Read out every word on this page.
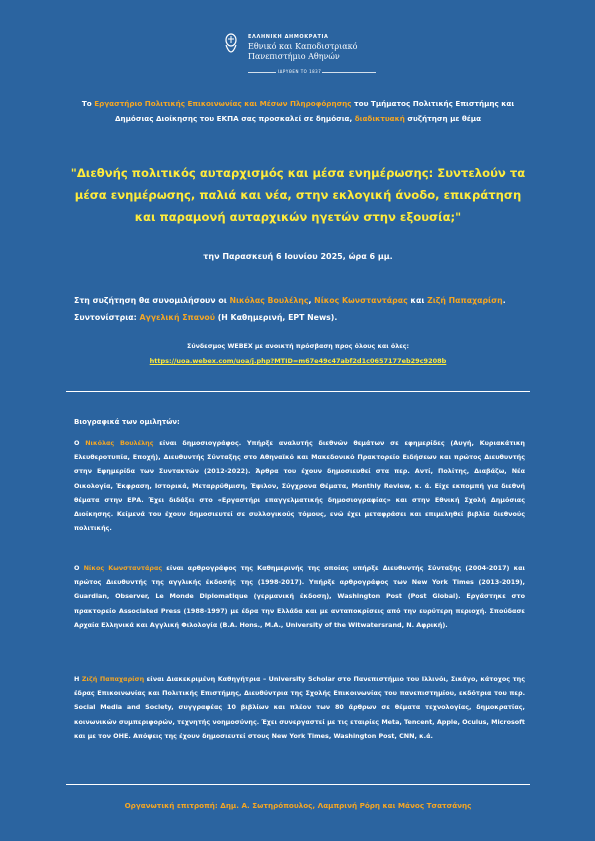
ΕΛΛΗΝΙΚΗ ΔΗΜΟΚΡΑΤΙΑ
Εθνικό και Καποδιστριακό
Πανεπιστήμιο Αθηνών
ΙΔΡΥΘΕΝ ΤΟ 1837
Το Εργαστήριο Πολιτικής Επικοινωνίας και Μέσων Πληροφόρησης του Τμήματος Πολιτικής Επιστήμης και Δημόσιας Διοίκησης του ΕΚΠΑ σας προσκαλεί σε δημόσια, διαδικτυακή συζήτηση με θέμα
"Διεθνής πολιτικός αυταρχισμός και μέσα ενημέρωσης: Συντελούν τα μέσα ενημέρωσης, παλιά και νέα, στην εκλογική άνοδο, επικράτηση και παραμονή αυταρχικών ηγετών στην εξουσία;"
την Παρασκευή 6 Ιουνίου 2025, ώρα 6 μμ.
Στη συζήτηση θα συνομιλήσουν οι Νικόλας Βουλέλης, Νίκος Κωνσταντάρας και Ζιζή Παπαχαρίση. Συντονίστρια: Αγγελική Σπανού (Η Καθημερινή, ΕΡΤ News).
Σύνδεσμος WEBEX με ανοικτή πρόσβαση προς όλους και όλες:
https://uoa.webex.com/uoa/j.php?MTID=m67e49c47abf2d1c0657177eb29c9208b
Βιογραφικά των ομιλητών:
Ο Νικόλας Βουλέλης είναι δημοσιογράφος. Υπήρξε αναλυτής διεθνών θεμάτων σε εφημερίδες (Αυγή, Κυριακάτικη Ελευθεροτυπία, Εποχή), Διευθυντής Σύνταξης στο Αθηναϊκό και Μακεδονικό Πρακτορείο Ειδήσεων και πρώτος Διευθυντής στην Εφημερίδα των Συντακτών (2012-2022). Άρθρα του έχουν δημοσιευθεί στα περ. Αντί, Πολίτης, Διαβάζω, Νέα Οικολογία, Έκφραση, Ιστορικά, Μεταρρύθμιση, Έψιλον, Σύγχρονα Θέματα, Monthly Review, κ. ά. Είχε εκπομπή για διεθνή θέματα στην ΕΡΑ. Έχει διδάξει στο «Εργαστήρι επαγγελματικής δημοσιογραφίας» και στην Εθνική Σχολή Δημόσιας Διοίκησης. Κείμενά του έχουν δημοσιευτεί σε συλλογικούς τόμους, ενώ έχει μεταφράσει και επιμεληθεί βιβλία διεθνούς πολιτικής.
Ο Νίκος Κωνσταντάρας είναι αρθρογράφος της Καθημερινής της οποίας υπήρξε Διευθυντής Σύνταξης (2004-2017) και πρώτος Διευθυντής της αγγλικής έκδοσής της (1998-2017). Υπήρξε αρθρογράφος των New York Times (2013-2019), Guardian, Observer, Le Monde Diplomatique (γερμανική έκδοση), Washington Post (Post Global). Εργάστηκε στο πρακτορείο Associated Press (1988-1997) με έδρα την Ελλάδα και με ανταποκρίσεις από την ευρύτερη περιοχή. Σπούδασε Αρχαία Ελληνικά και Αγγλική Φιλολογία (B.A. Hons., M.A., University of the Witwatersrand, N. Αφρική).
Η Ζιζή Παπαχαρίση είναι Διακεκριμένη Καθηγήτρια – University Scholar στο Πανεπιστήμιο του Ιλλινόι, Σικάγο, κάτοχος της έδρας Επικοινωνίας και Πολιτικής Επιστήμης, Διευθύντρια της Σχολής Επικοινωνίας του πανεπιστημίου, εκδότρια του περ. Social Media and Society, συγγραφέας 10 βιβλίων και πλέον των 80 άρθρων σε θέματα τεχνολογίας, δημοκρατίας, κοινωνικών συμπεριφορών, τεχνητής νοημοσύνης. Έχει συνεργαστεί με τις εταιρίες Meta, Tencent, Apple, Oculus, Microsoft και με τον ΟΗΕ. Απόψεις της έχουν δημοσιευτεί στους New York Times, Washington Post, CNN, κ.ά.
Οργανωτική επιτροπή: Δημ. Α. Σωτηρόπουλος, Λαμπρινή Ρόρη και Μάνος Τσατσάνης
